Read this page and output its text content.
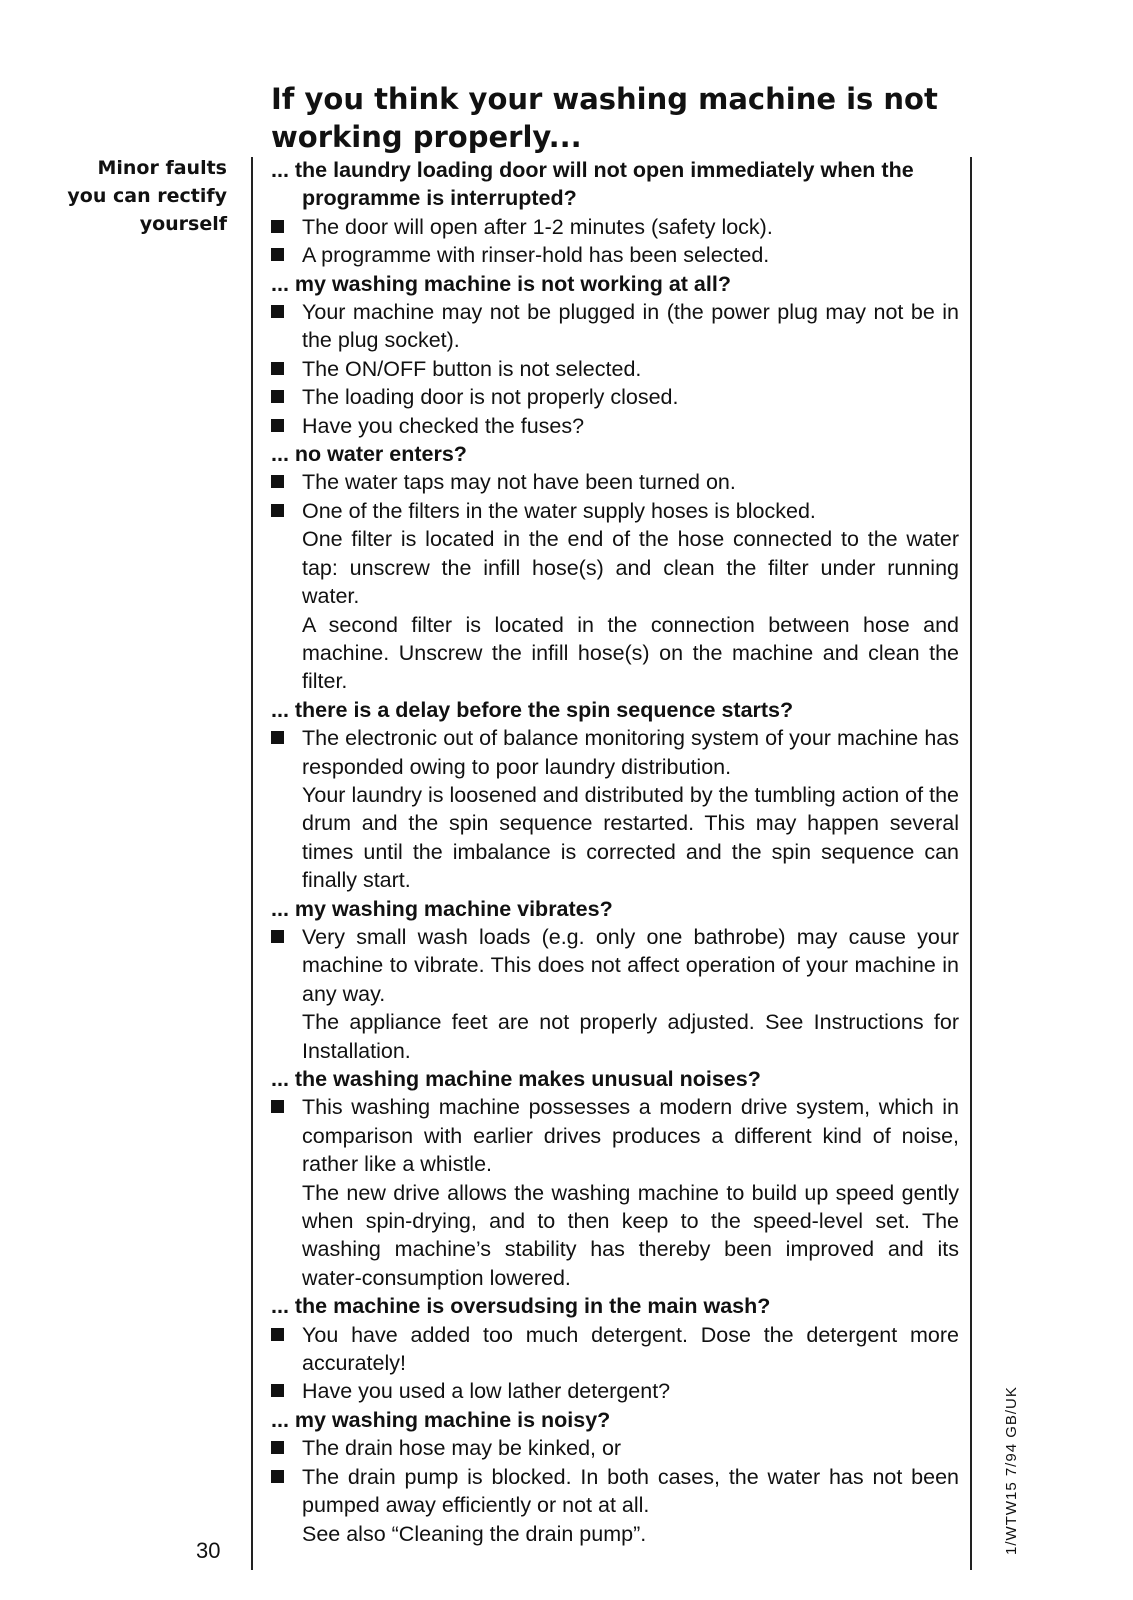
If you think your washing machine is not working properly...
Minor faults
you can rectify
yourself
30	1/WTW15 7/94 GB/UK

... the laundry loading door will not open immediately when the programme is interrupted?

The door will open after 1-2 minutes (safety lock).

A programme with rinser-hold has been selected.

... my washing machine is not working at all?

Your machine may not be plugged in (the power plug may not be in the plug socket).

The ON/OFF button is not selected.

The loading door is not properly closed.

Have you checked the fuses?

... no water enters?

The water taps may not have been turned on.

One of the filters in the water supply hoses is blocked.

One filter is located in the end of the hose connected to the water tap: unscrew the infill hose(s) and clean the filter under running water.

A second filter is located in the connection between hose and machine. Unscrew the infill hose(s) on the machine and clean the filter.

... there is a delay before the spin sequence starts?

The electronic out of balance monitoring system of your machine has responded owing to poor laundry distribution.

Your laundry is loosened and distributed by the tumbling action of the drum and the spin sequence restarted. This may happen several times until the imbalance is corrected and the spin sequence can finally start.

... my washing machine vibrates?

Very small wash loads (e.g. only one bathrobe) may cause your machine to vibrate. This does not affect operation of your machine in any way.

The appliance feet are not properly adjusted. See Instructions for Installation.

... the washing machine makes unusual noises?

This washing machine possesses a modern drive system, which in comparison with earlier drives produces a different kind of noise, rather like a whistle.

The new drive allows the washing machine to build up speed gently when spin-drying, and to then keep to the speed-level set. The washing machine’s stability has thereby been improved and its water-consumption lowered.

... the machine is oversudsing in the main wash?

You have added too much detergent. Dose the detergent more accurately!

Have you used a low lather detergent?

... my washing machine is noisy?

The drain hose may be kinked, or

The drain pump is blocked. In both cases, the water has not been pumped away efficiently or not at all.

See also “Cleaning the drain pump”.
